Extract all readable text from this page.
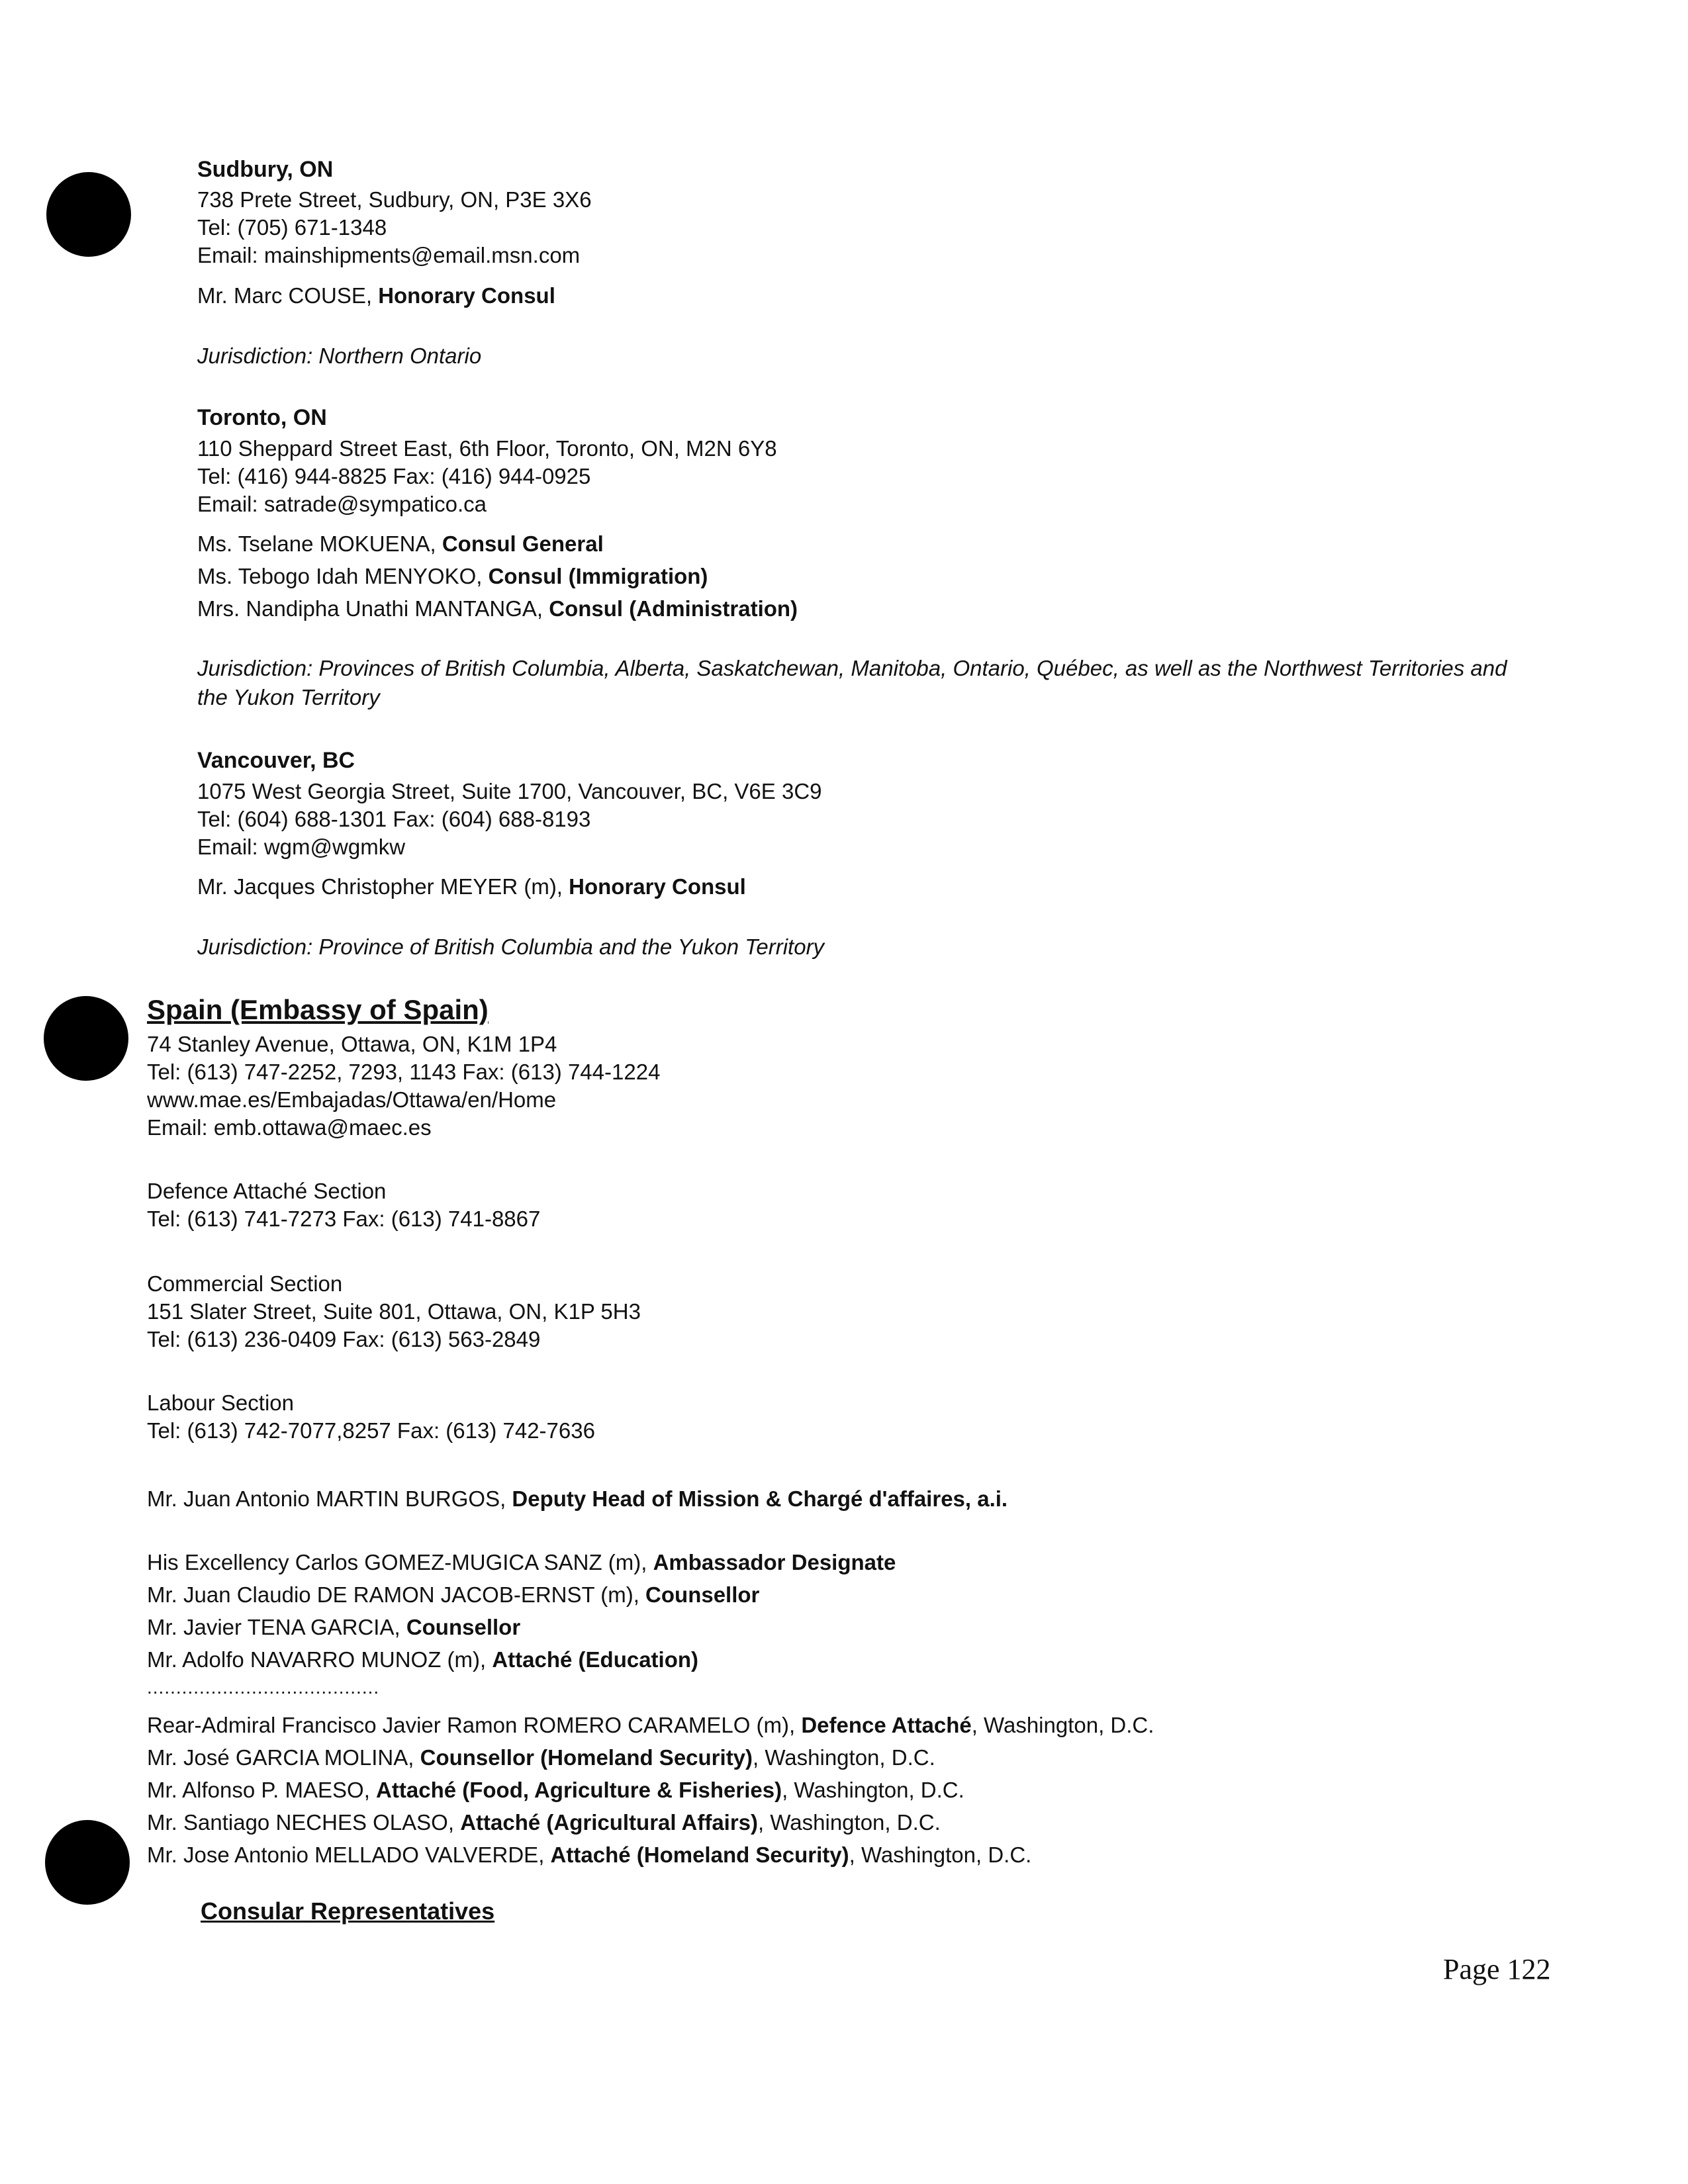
Sudbury, ON
738 Prete Street, Sudbury, ON, P3E 3X6
Tel: (705) 671-1348
Email: mainshipments@email.msn.com
Mr. Marc COUSE, Honorary Consul
Jurisdiction: Northern Ontario
Toronto, ON
110 Sheppard Street East, 6th Floor, Toronto, ON, M2N 6Y8
Tel: (416) 944-8825 Fax: (416) 944-0925
Email: satrade@sympatico.ca
Ms. Tselane MOKUENA, Consul General
Ms. Tebogo Idah MENYOKO, Consul (Immigration)
Mrs. Nandipha Unathi MANTANGA, Consul (Administration)
Jurisdiction: Provinces of British Columbia, Alberta, Saskatchewan, Manitoba, Ontario, Québec, as well as the Northwest Territories and the Yukon Territory
Vancouver, BC
1075 West Georgia Street, Suite 1700, Vancouver, BC, V6E 3C9
Tel: (604) 688-1301 Fax: (604) 688-8193
Email: wgm@wgmkw
Mr. Jacques Christopher MEYER (m), Honorary Consul
Jurisdiction: Province of British Columbia and the Yukon Territory
Spain (Embassy of Spain)
74 Stanley Avenue, Ottawa, ON, K1M 1P4
Tel: (613) 747-2252, 7293, 1143 Fax: (613) 744-1224
www.mae.es/Embajadas/Ottawa/en/Home
Email: emb.ottawa@maec.es
Defence Attaché Section
Tel: (613) 741-7273 Fax: (613) 741-8867
Commercial Section
151 Slater Street, Suite 801, Ottawa, ON, K1P 5H3
Tel: (613) 236-0409 Fax: (613) 563-2849
Labour Section
Tel: (613) 742-7077,8257 Fax: (613) 742-7636
Mr. Juan Antonio MARTIN BURGOS, Deputy Head of Mission & Chargé d'affaires, a.i.
His Excellency Carlos GOMEZ-MUGICA SANZ (m), Ambassador Designate
Mr. Juan Claudio DE RAMON JACOB-ERNST (m), Counsellor
Mr. Javier TENA GARCIA, Counsellor
Mr. Adolfo NAVARRO MUNOZ (m), Attaché (Education)
........................................
Rear-Admiral Francisco Javier Ramon ROMERO CARAMELO (m), Defence Attaché, Washington, D.C.
Mr. José GARCIA MOLINA, Counsellor (Homeland Security), Washington, D.C.
Mr. Alfonso P. MAESO, Attaché (Food, Agriculture & Fisheries), Washington, D.C.
Mr. Santiago NECHES OLASO, Attaché (Agricultural Affairs), Washington, D.C.
Mr. Jose Antonio MELLADO VALVERDE, Attaché (Homeland Security), Washington, D.C.
Consular Representatives
Page 122
